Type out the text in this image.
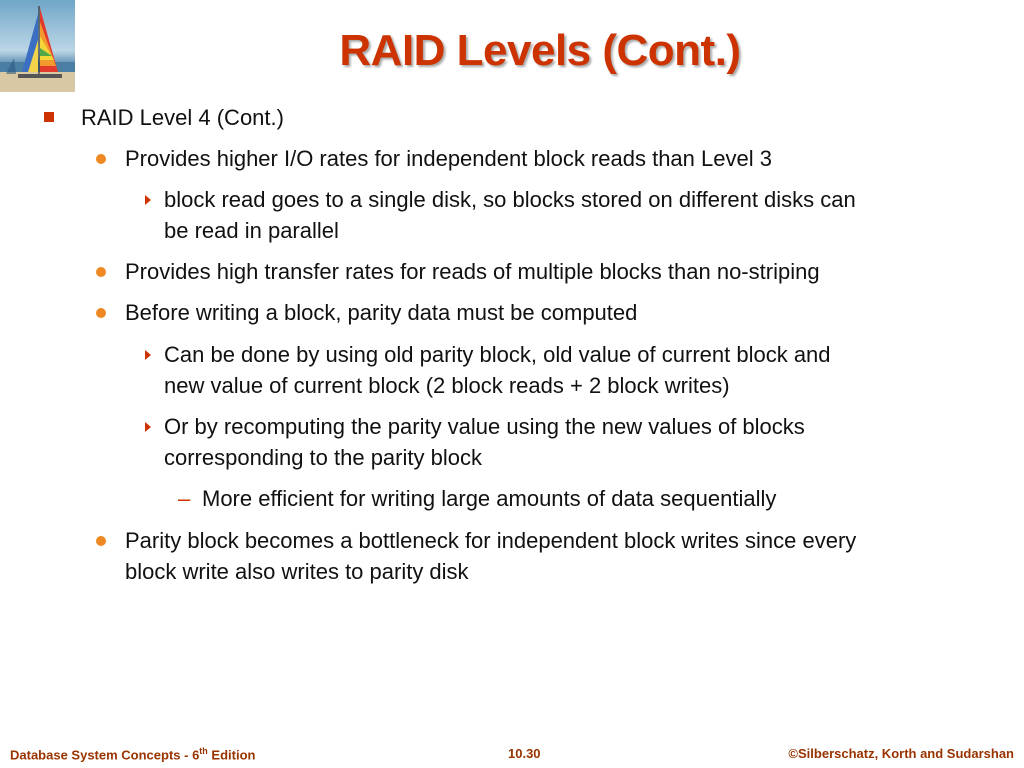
RAID Levels (Cont.)
RAID Level 4 (Cont.)
Provides higher I/O rates for independent block reads than Level 3
block read goes to a single disk, so blocks stored on different disks can
be read in parallel
Provides high transfer rates for reads of multiple blocks than no-striping
Before writing a block, parity data must be computed
Can be done by using old parity block, old value of current block and
new value of current block (2 block reads + 2 block writes)
Or by recomputing the parity value using the new values of blocks
corresponding to the parity block
– More efficient for writing large amounts of data sequentially
Parity block becomes a bottleneck for independent block writes since every
block write also writes to parity disk
Database System Concepts - 6th Edition	10.30	©Silberschatz, Korth and Sudarshan
